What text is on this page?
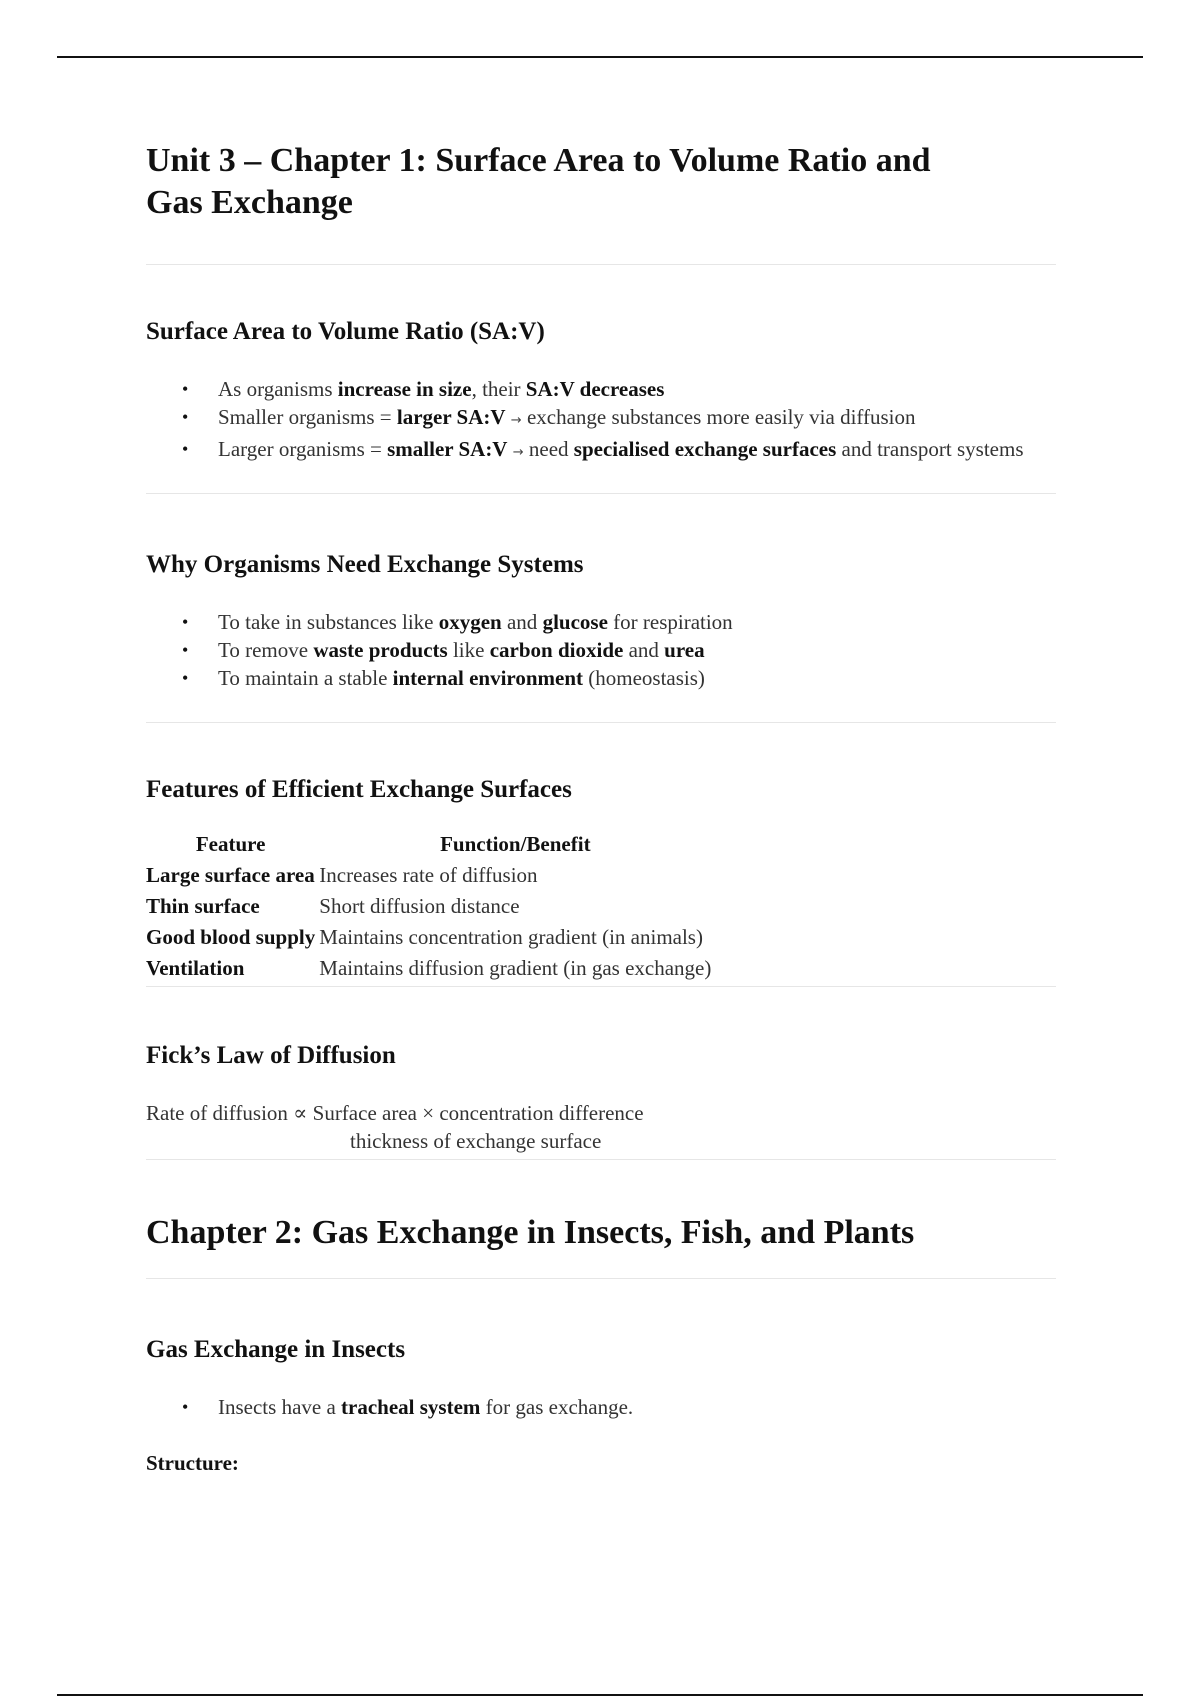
Unit 3 – Chapter 1: Surface Area to Volume Ratio and
Gas Exchange
Surface Area to Volume Ratio (SA:V)
• As organisms increase in size, their SA:V decreases
• Smaller organisms = larger SA:V → exchange substances more easily via diffusion
• Larger organisms = smaller SA:V → need specialised exchange surfaces and transport systems
Why Organisms Need Exchange Systems
• To take in substances like oxygen and glucose for respiration
• To remove waste products like carbon dioxide and urea
• To maintain a stable internal environment (homeostasis)
Features of Efficient Exchange Surfaces
Feature	Function/Benefit
Large surface area	Increases rate of diffusion
Thin surface	Short diffusion distance
Good blood supply	Maintains concentration gradient (in animals)
Ventilation	Maintains diffusion gradient (in gas exchange)
Fick’s Law of Diffusion
Rate of diffusion ∝ Surface area × concentration difference
thickness of exchange surface
Chapter 2: Gas Exchange in Insects, Fish, and Plants
Gas Exchange in Insects
• Insects have a tracheal system for gas exchange.
Structure:
